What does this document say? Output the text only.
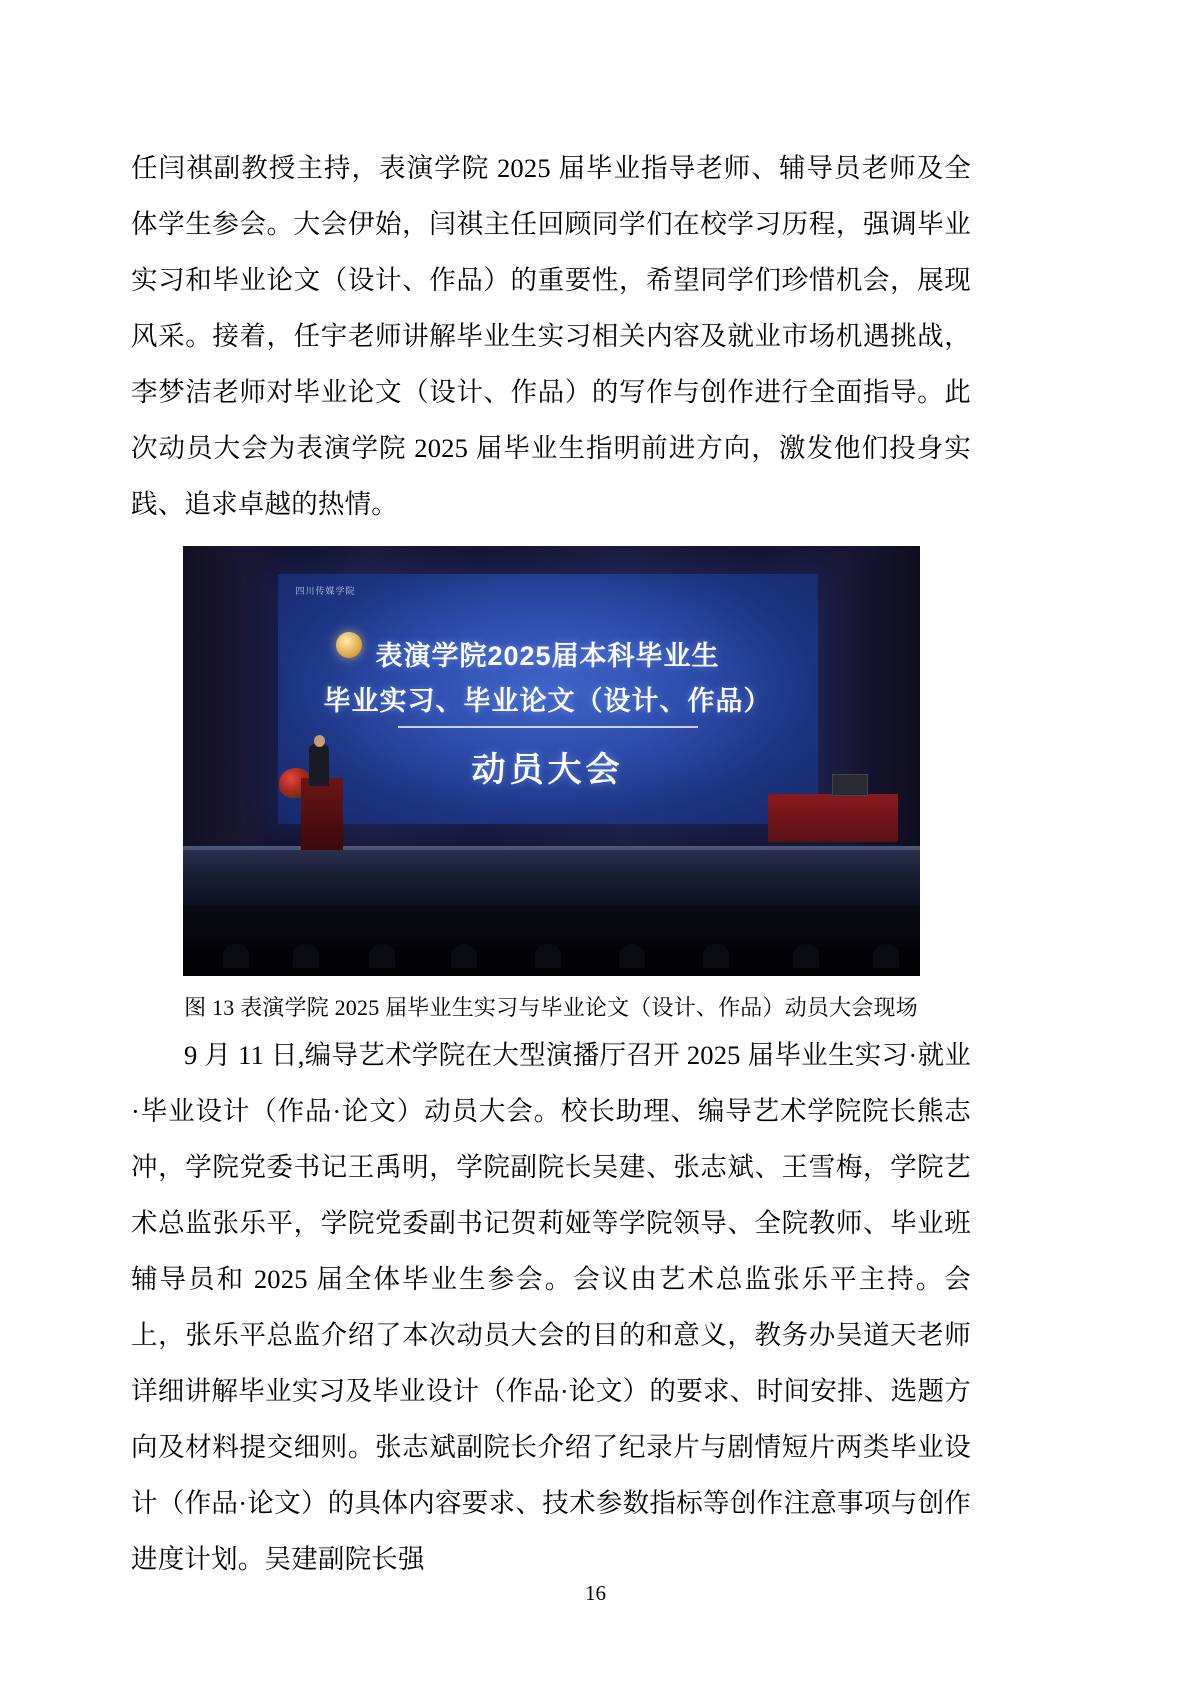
任闫祺副教授主持，表演学院 2025 届毕业指导老师、辅导员老师及全体学生参会。大会伊始，闫祺主任回顾同学们在校学习历程，强调毕业实习和毕业论文（设计、作品）的重要性，希望同学们珍惜机会，展现风采。接着，任宇老师讲解毕业生实习相关内容及就业市场机遇挑战，李梦洁老师对毕业论文（设计、作品）的写作与创作进行全面指导。此次动员大会为表演学院 2025 届毕业生指明前进方向，激发他们投身实践、追求卓越的热情。

四川传媒学院
表演学院2025届本科毕业生
毕业实习、毕业论文（设计、作品）
动员大会

图 13 表演学院 2025 届毕业生实习与毕业论文（设计、作品）动员大会现场

9 月 11 日,编导艺术学院在大型演播厅召开 2025 届毕业生实习·就业·毕业设计（作品·论文）动员大会。校长助理、编导艺术学院院长熊志冲，学院党委书记王禹明，学院副院长吴建、张志斌、王雪梅，学院艺术总监张乐平，学院党委副书记贺莉娅等学院领导、全院教师、毕业班辅导员和 2025 届全体毕业生参会。会议由艺术总监张乐平主持。会上，张乐平总监介绍了本次动员大会的目的和意义，教务办吴道天老师详细讲解毕业实习及毕业设计（作品·论文）的要求、时间安排、选题方向及材料提交细则。张志斌副院长介绍了纪录片与剧情短片两类毕业设计（作品·论文）的具体内容要求、技术参数指标等创作注意事项与创作进度计划。吴建副院长强

16
